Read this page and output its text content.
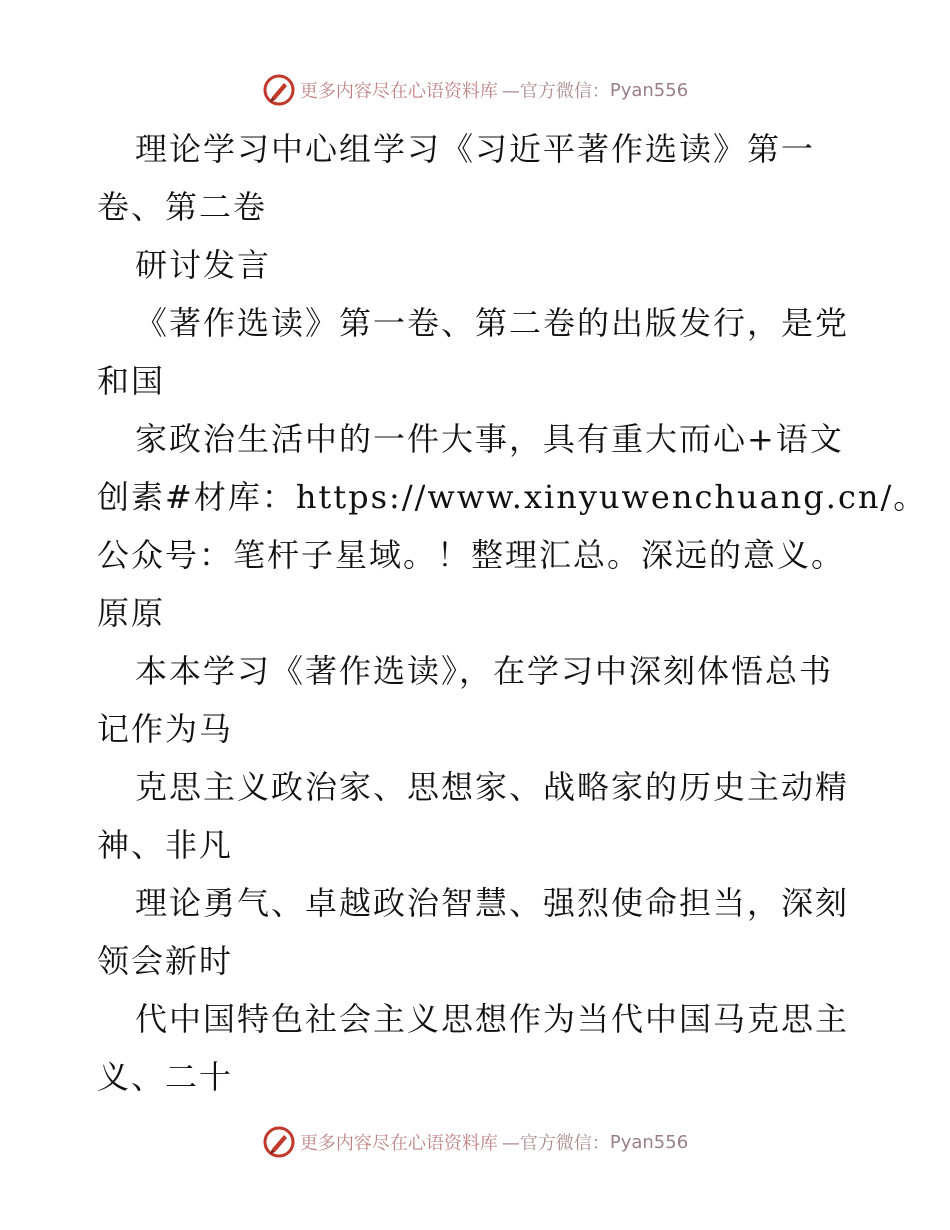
更多内容尽在心语资料库 —官方微信： Pyan556
理论学习中心组学习《习近平著作选读》第一
卷、第二卷
研讨发言
《著作选读》第一卷、第二卷的出版发行，是党
和国
家政治生活中的一件大事，具有重大而心+语文
创素#材库：https://www.xinyuwenchuang.cn/。
公众号：笔杆子星域。！整理汇总。深远的意义。
原原
本本学习《著作选读》，在学习中深刻体悟总书
记作为马
克思主义政治家、思想家、战略家的历史主动精
神、非凡
理论勇气、卓越政治智慧、强烈使命担当，深刻
领会新时
代中国特色社会主义思想作为当代中国马克思主
义、二十
更多内容尽在心语资料库 —官方微信： Pyan556
